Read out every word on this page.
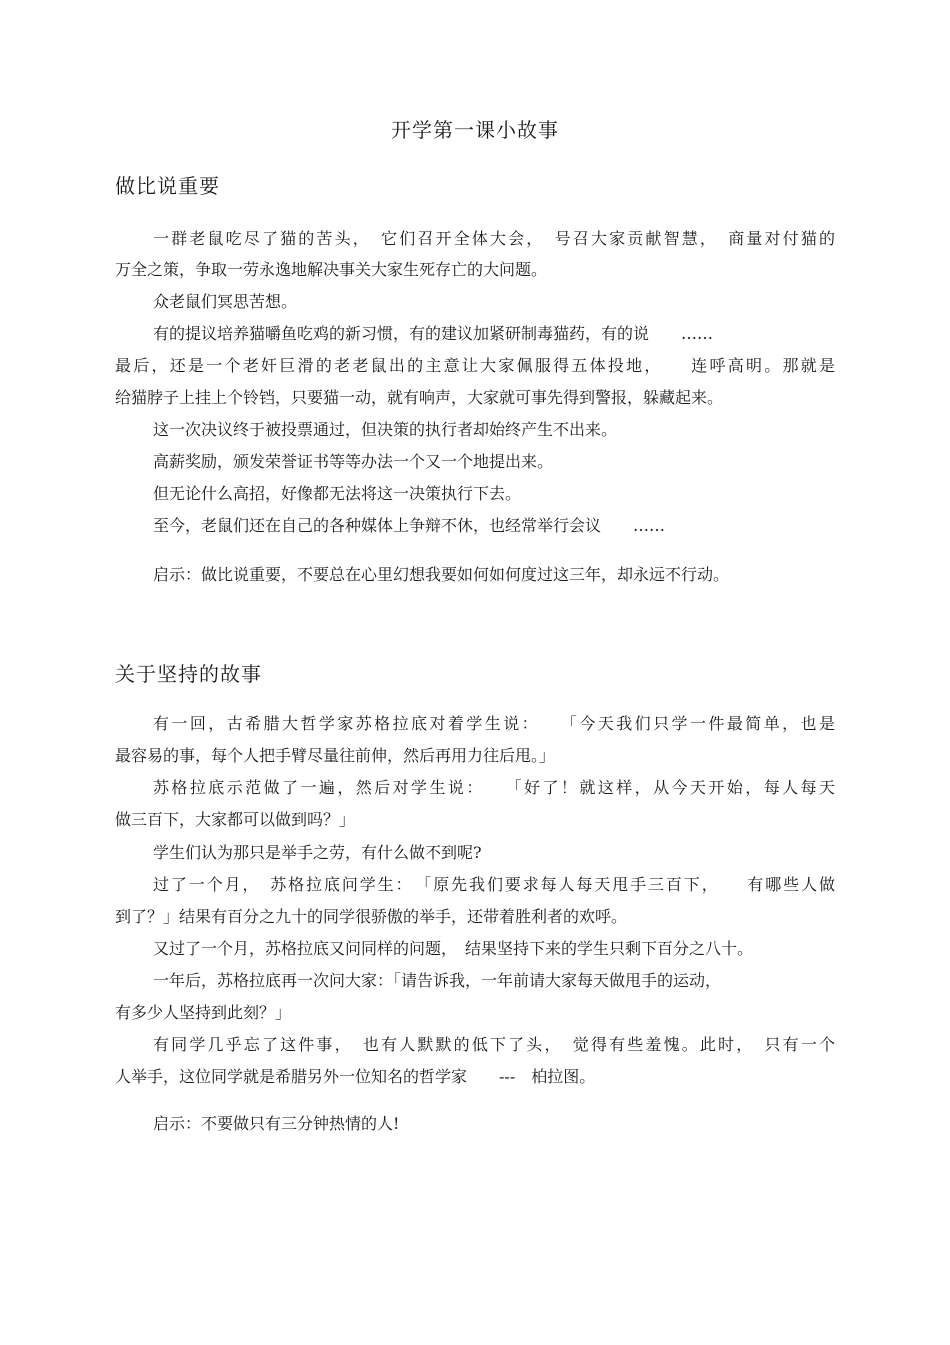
开学第一课小故事
做比说重要
一群老鼠吃尽了猫的苦头，　它们召开全体大会，　号召大家贡献智慧，　商量对付猫的
万全之策，争取一劳永逸地解决事关大家生死存亡的大问题。
众老鼠们冥思苦想。
有的提议培养猫嚼鱼吃鸡的新习惯，有的建议加紧研制毒猫药，有的说　　……
最后，还是一个老奸巨滑的老老鼠出的主意让大家佩服得五体投地，　　连呼高明。那就是
给猫脖子上挂上个铃铛，只要猫一动，就有响声，大家就可事先得到警报，躲藏起来。
这一次决议终于被投票通过，但决策的执行者却始终产生不出来。
高薪奖励，颁发荣誉证书等等办法一个又一个地提出来。
但无论什么高招，好像都无法将这一决策执行下去。
至今，老鼠们还在自己的各种媒体上争辩不休，也经常举行会议　　……
启示：做比说重要，不要总在心里幻想我要如何如何度过这三年，却永远不行动。
关于坚持的故事
有一回，古希腊大哲学家苏格拉底对着学生说：　　「今天我们只学一件最简单，也是
最容易的事，每个人把手臂尽量往前伸，然后再用力往后甩。」
苏格拉底示范做了一遍，然后对学生说：　　「好了！就这样，从今天开始，每人每天
做三百下，大家都可以做到吗？」
学生们认为那只是举手之劳，有什么做不到呢?
过了一个月，　苏格拉底问学生：　「原先我们要求每人每天甩手三百下，　　有哪些人做
到了？」结果有百分之九十的同学很骄傲的举手，还带着胜利者的欢呼。
又过了一个月，苏格拉底又问同样的问题，　结果坚持下来的学生只剩下百分之八十。
一年后，苏格拉底再一次问大家：「请告诉我，一年前请大家每天做甩手的运动，
有多少人坚持到此刻？」
有同学几乎忘了这件事，　也有人默默的低下了头，　觉得有些羞愧。此时，　只有一个
人举手，这位同学就是希腊另外一位知名的哲学家　　---　柏拉图。
启示：不要做只有三分钟热情的人!
